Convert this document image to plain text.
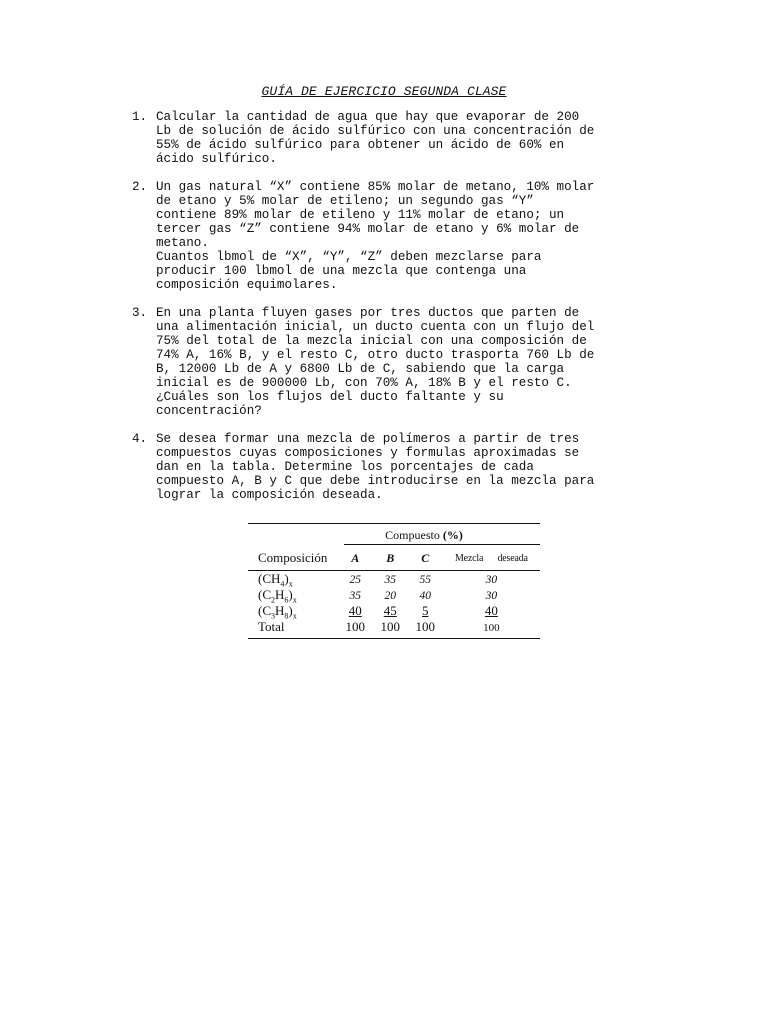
GUÍA DE EJERCICIO SEGUNDA CLASE
1. Calcular la cantidad de agua que hay que evaporar de 200
Lb de solución de ácido sulfúrico con una concentración de
55% de ácido sulfúrico para obtener un ácido de 60% en
ácido sulfúrico.
2. Un gas natural “X” contiene 85% molar de metano, 10% molar
de etano y 5% molar de etileno; un segundo gas “Y”
contiene 89% molar de etileno y 11% molar de etano; un
tercer gas “Z” contiene 94% molar de etano y 6% molar de
metano.
Cuantos lbmol de “X”, “Y”, “Z” deben mezclarse para
producir 100 lbmol de una mezcla que contenga una
composición equimolares.
3. En una planta fluyen gases por tres ductos que parten de
una alimentación inicial, un ducto cuenta con un flujo del
75% del total de la mezcla inicial con una composición de
74% A, 16% B, y el resto C, otro ducto trasporta 760 Lb de
B, 12000 Lb de A y 6800 Lb de C, sabiendo que la carga
inicial es de 900000 Lb, con 70% A, 18% B y el resto C.
¿Cuáles son los flujos del ducto faltante y su
concentración?
4. Se desea formar una mezcla de polímeros a partir de tres
compuestos cuyas composiciones y formulas aproximadas se
dan en la tabla. Determine los porcentajes de cada
compuesto A, B y C que debe introducirse en la mezcla para
lograr la composición deseada.
Compuesto (%)
Composición	A	B	C	Mezcla deseada
$(CH_4)_x$	25	35	55	30
$(C_2H_6)_x$	35	20	40	30
$(C_3H_8)_x$	40	45	5	40
Total	100	100	100	100
